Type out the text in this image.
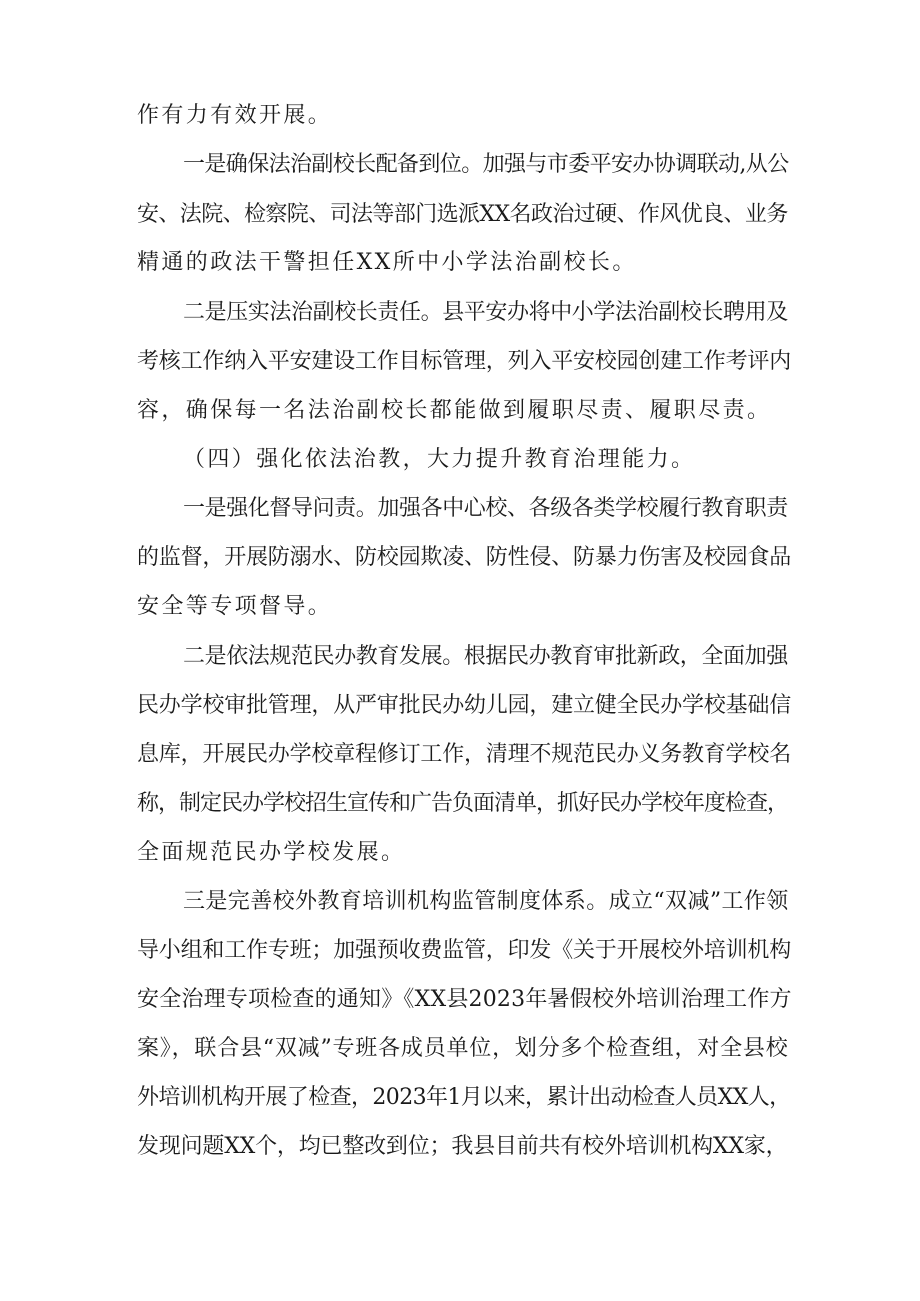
作有力有效开展。
一是确保法治副校长配备到位。加强与市委平安办协调联动,从公
安、法院、检察院、司法等部门选派XX名政治过硬、作风优良、业务
精通的政法干警担任XX所中小学法治副校长。
二是压实法治副校长责任。县平安办将中小学法治副校长聘用及
考核工作纳入平安建设工作目标管理，列入平安校园创建工作考评内
容，确保每一名法治副校长都能做到履职尽责、履职尽责。
（四）强化依法治教，大力提升教育治理能力。
一是强化督导问责。加强各中心校、各级各类学校履行教育职责
的监督，开展防溺水、防校园欺凌、防性侵、防暴力伤害及校园食品
安全等专项督导。
二是依法规范民办教育发展。根据民办教育审批新政，全面加强
民办学校审批管理，从严审批民办幼儿园，建立健全民办学校基础信
息库，开展民办学校章程修订工作，清理不规范民办义务教育学校名
称，制定民办学校招生宣传和广告负面清单，抓好民办学校年度检查，
全面规范民办学校发展。
三是完善校外教育培训机构监管制度体系。成立“双减”工作领
导小组和工作专班；加强预收费监管，印发《关于开展校外培训机构
安全治理专项检查的通知》《XX县2023年暑假校外培训治理工作方
案》，联合县“双减”专班各成员单位，划分多个检查组，对全县校
外培训机构开展了检查，2023年1月以来，累计出动检查人员XX人，
发现问题XX个，均已整改到位；我县目前共有校外培训机构XX家，
